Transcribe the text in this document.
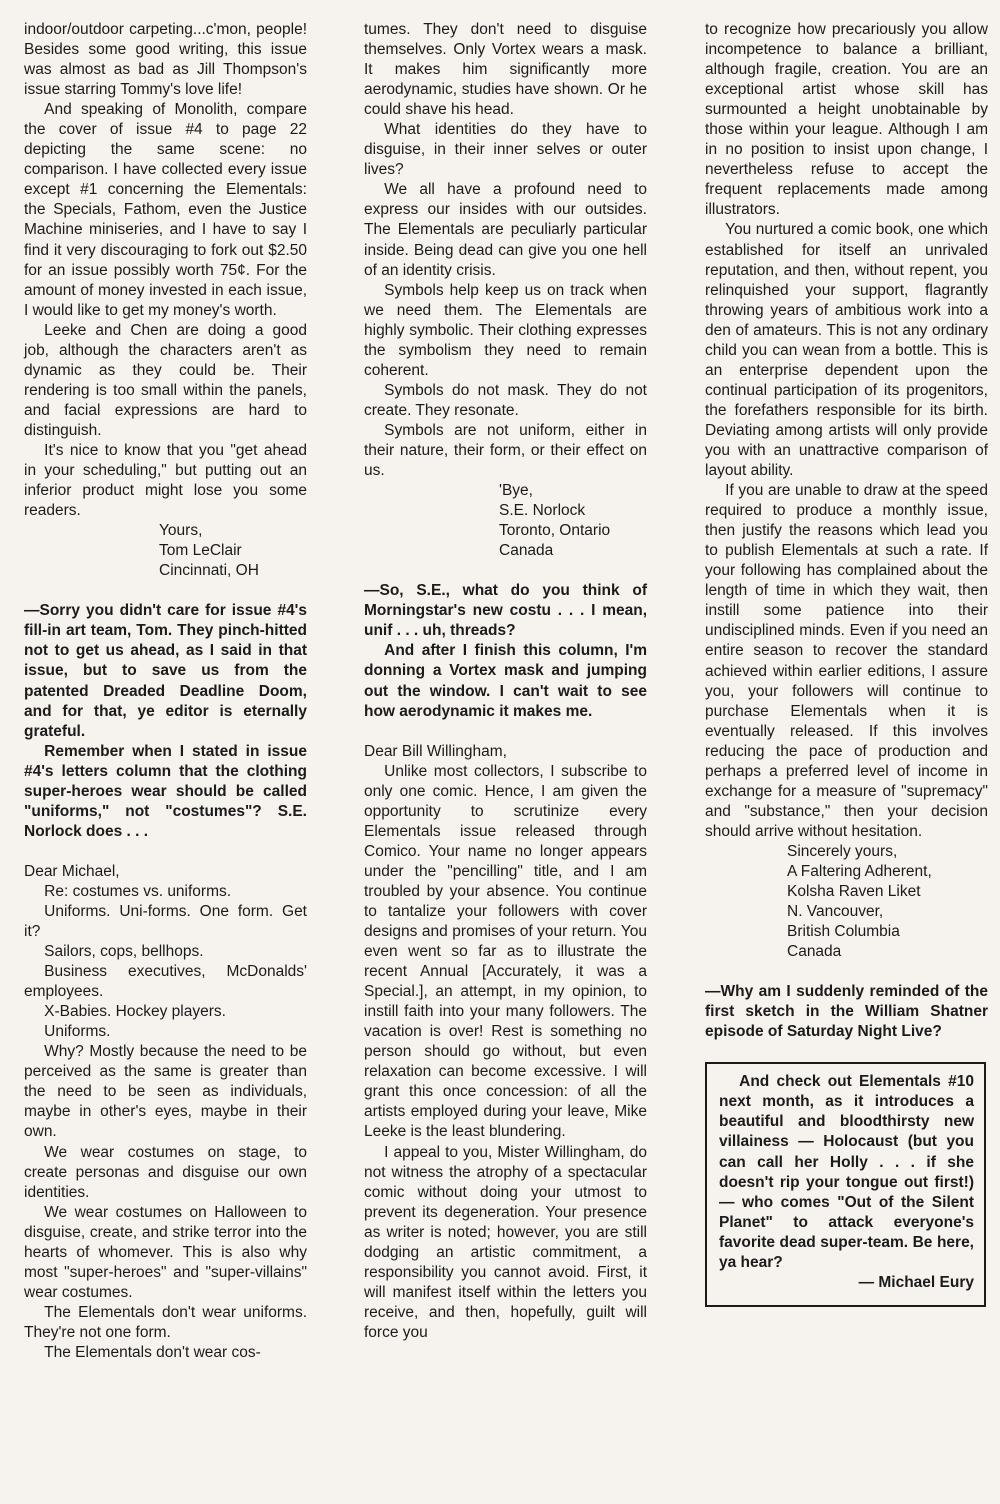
indoor/outdoor carpeting...c'mon, people! Besides some good writing, this issue was almost as bad as Jill Thompson's issue starring Tommy's love life!

And speaking of Monolith, compare the cover of issue #4 to page 22 depicting the same scene: no comparison. I have collected every issue except #1 concerning the Elementals: the Specials, Fathom, even the Justice Machine miniseries, and I have to say I find it very discouraging to fork out $2.50 for an issue possibly worth 75¢. For the amount of money invested in each issue, I would like to get my money's worth.

Leeke and Chen are doing a good job, although the characters aren't as dynamic as they could be. Their rendering is too small within the panels, and facial expressions are hard to distinguish.

It's nice to know that you "get ahead in your scheduling," but putting out an inferior product might lose you some readers.

Yours,

Tom LeClair

Cincinnati, OH

—Sorry you didn't care for issue #4's fill-in art team, Tom. They pinch-hitted not to get us ahead, as I said in that issue, but to save us from the patented Dreaded Deadline Doom, and for that, ye editor is eternally grateful.

Remember when I stated in issue #4's letters column that the clothing super-heroes wear should be called "uniforms," not "costumes"? S.E. Norlock does . . .

Dear Michael,

Re: costumes vs. uniforms.

Uniforms. Uni-forms. One form. Get it?

Sailors, cops, bellhops.

Business executives, McDonalds' employees.

X-Babies. Hockey players.

Uniforms.

Why? Mostly because the need to be perceived as the same is greater than the need to be seen as individuals, maybe in other's eyes, maybe in their own.

We wear costumes on stage, to create personas and disguise our own identities.

We wear costumes on Halloween to disguise, create, and strike terror into the hearts of whomever. This is also why most "super-heroes" and "super-villains" wear costumes.

The Elementals don't wear uniforms. They're not one form.

The Elementals don't wear cos-

tumes. They don't need to disguise themselves. Only Vortex wears a mask. It makes him significantly more aerodynamic, studies have shown. Or he could shave his head.

What identities do they have to disguise, in their inner selves or outer lives?

We all have a profound need to express our insides with our outsides. The Elementals are peculiarly particular inside. Being dead can give you one hell of an identity crisis.

Symbols help keep us on track when we need them. The Elementals are highly symbolic. Their clothing expresses the symbolism they need to remain coherent.

Symbols do not mask. They do not create. They resonate.

Symbols are not uniform, either in their nature, their form, or their effect on us.

'Bye,

S.E. Norlock

Toronto, Ontario

Canada

—So, S.E., what do you think of Morningstar's new costu . . . I mean, unif . . . uh, threads?

And after I finish this column, I'm donning a Vortex mask and jumping out the window. I can't wait to see how aerodynamic it makes me.

Dear Bill Willingham,

Unlike most collectors, I subscribe to only one comic. Hence, I am given the opportunity to scrutinize every Elementals issue released through Comico. Your name no longer appears under the "pencilling" title, and I am troubled by your absence. You continue to tantalize your followers with cover designs and promises of your return. You even went so far as to illustrate the recent Annual [Accurately, it was a Special.], an attempt, in my opinion, to instill faith into your many followers. The vacation is over! Rest is something no person should go without, but even relaxation can become excessive. I will grant this once concession: of all the artists employed during your leave, Mike Leeke is the least blundering.

I appeal to you, Mister Willingham, do not witness the atrophy of a spectacular comic without doing your utmost to prevent its degeneration. Your presence as writer is noted; however, you are still dodging an artistic commitment, a responsibility you cannot avoid. First, it will manifest itself within the letters you receive, and then, hopefully, guilt will force you

to recognize how precariously you allow incompetence to balance a brilliant, although fragile, creation. You are an exceptional artist whose skill has surmounted a height unobtainable by those within your league. Although I am in no position to insist upon change, I nevertheless refuse to accept the frequent replacements made among illustrators.

You nurtured a comic book, one which established for itself an unrivaled reputation, and then, without repent, you relinquished your support, flagrantly throwing years of ambitious work into a den of amateurs. This is not any ordinary child you can wean from a bottle. This is an enterprise dependent upon the continual participation of its progenitors, the forefathers responsible for its birth. Deviating among artists will only provide you with an unattractive comparison of layout ability.

If you are unable to draw at the speed required to produce a monthly issue, then justify the reasons which lead you to publish Elementals at such a rate. If your following has complained about the length of time in which they wait, then instill some patience into their undisciplined minds. Even if you need an entire season to recover the standard achieved within earlier editions, I assure you, your followers will continue to purchase Elementals when it is eventually released. If this involves reducing the pace of production and perhaps a preferred level of income in exchange for a measure of "supremacy" and "substance," then your decision should arrive without hesitation.

Sincerely yours,

A Faltering Adherent,

Kolsha Raven Liket

N. Vancouver,

British Columbia

Canada

—Why am I suddenly reminded of the first sketch in the William Shatner episode of Saturday Night Live?

And check out Elementals #10 next month, as it introduces a beautiful and bloodthirsty new villainess — Holocaust (but you can call her Holly . . . if she doesn't rip your tongue out first!) — who comes "Out of the Silent Planet" to attack everyone's favorite dead super-team. Be here, ya hear?

— Michael Eury
